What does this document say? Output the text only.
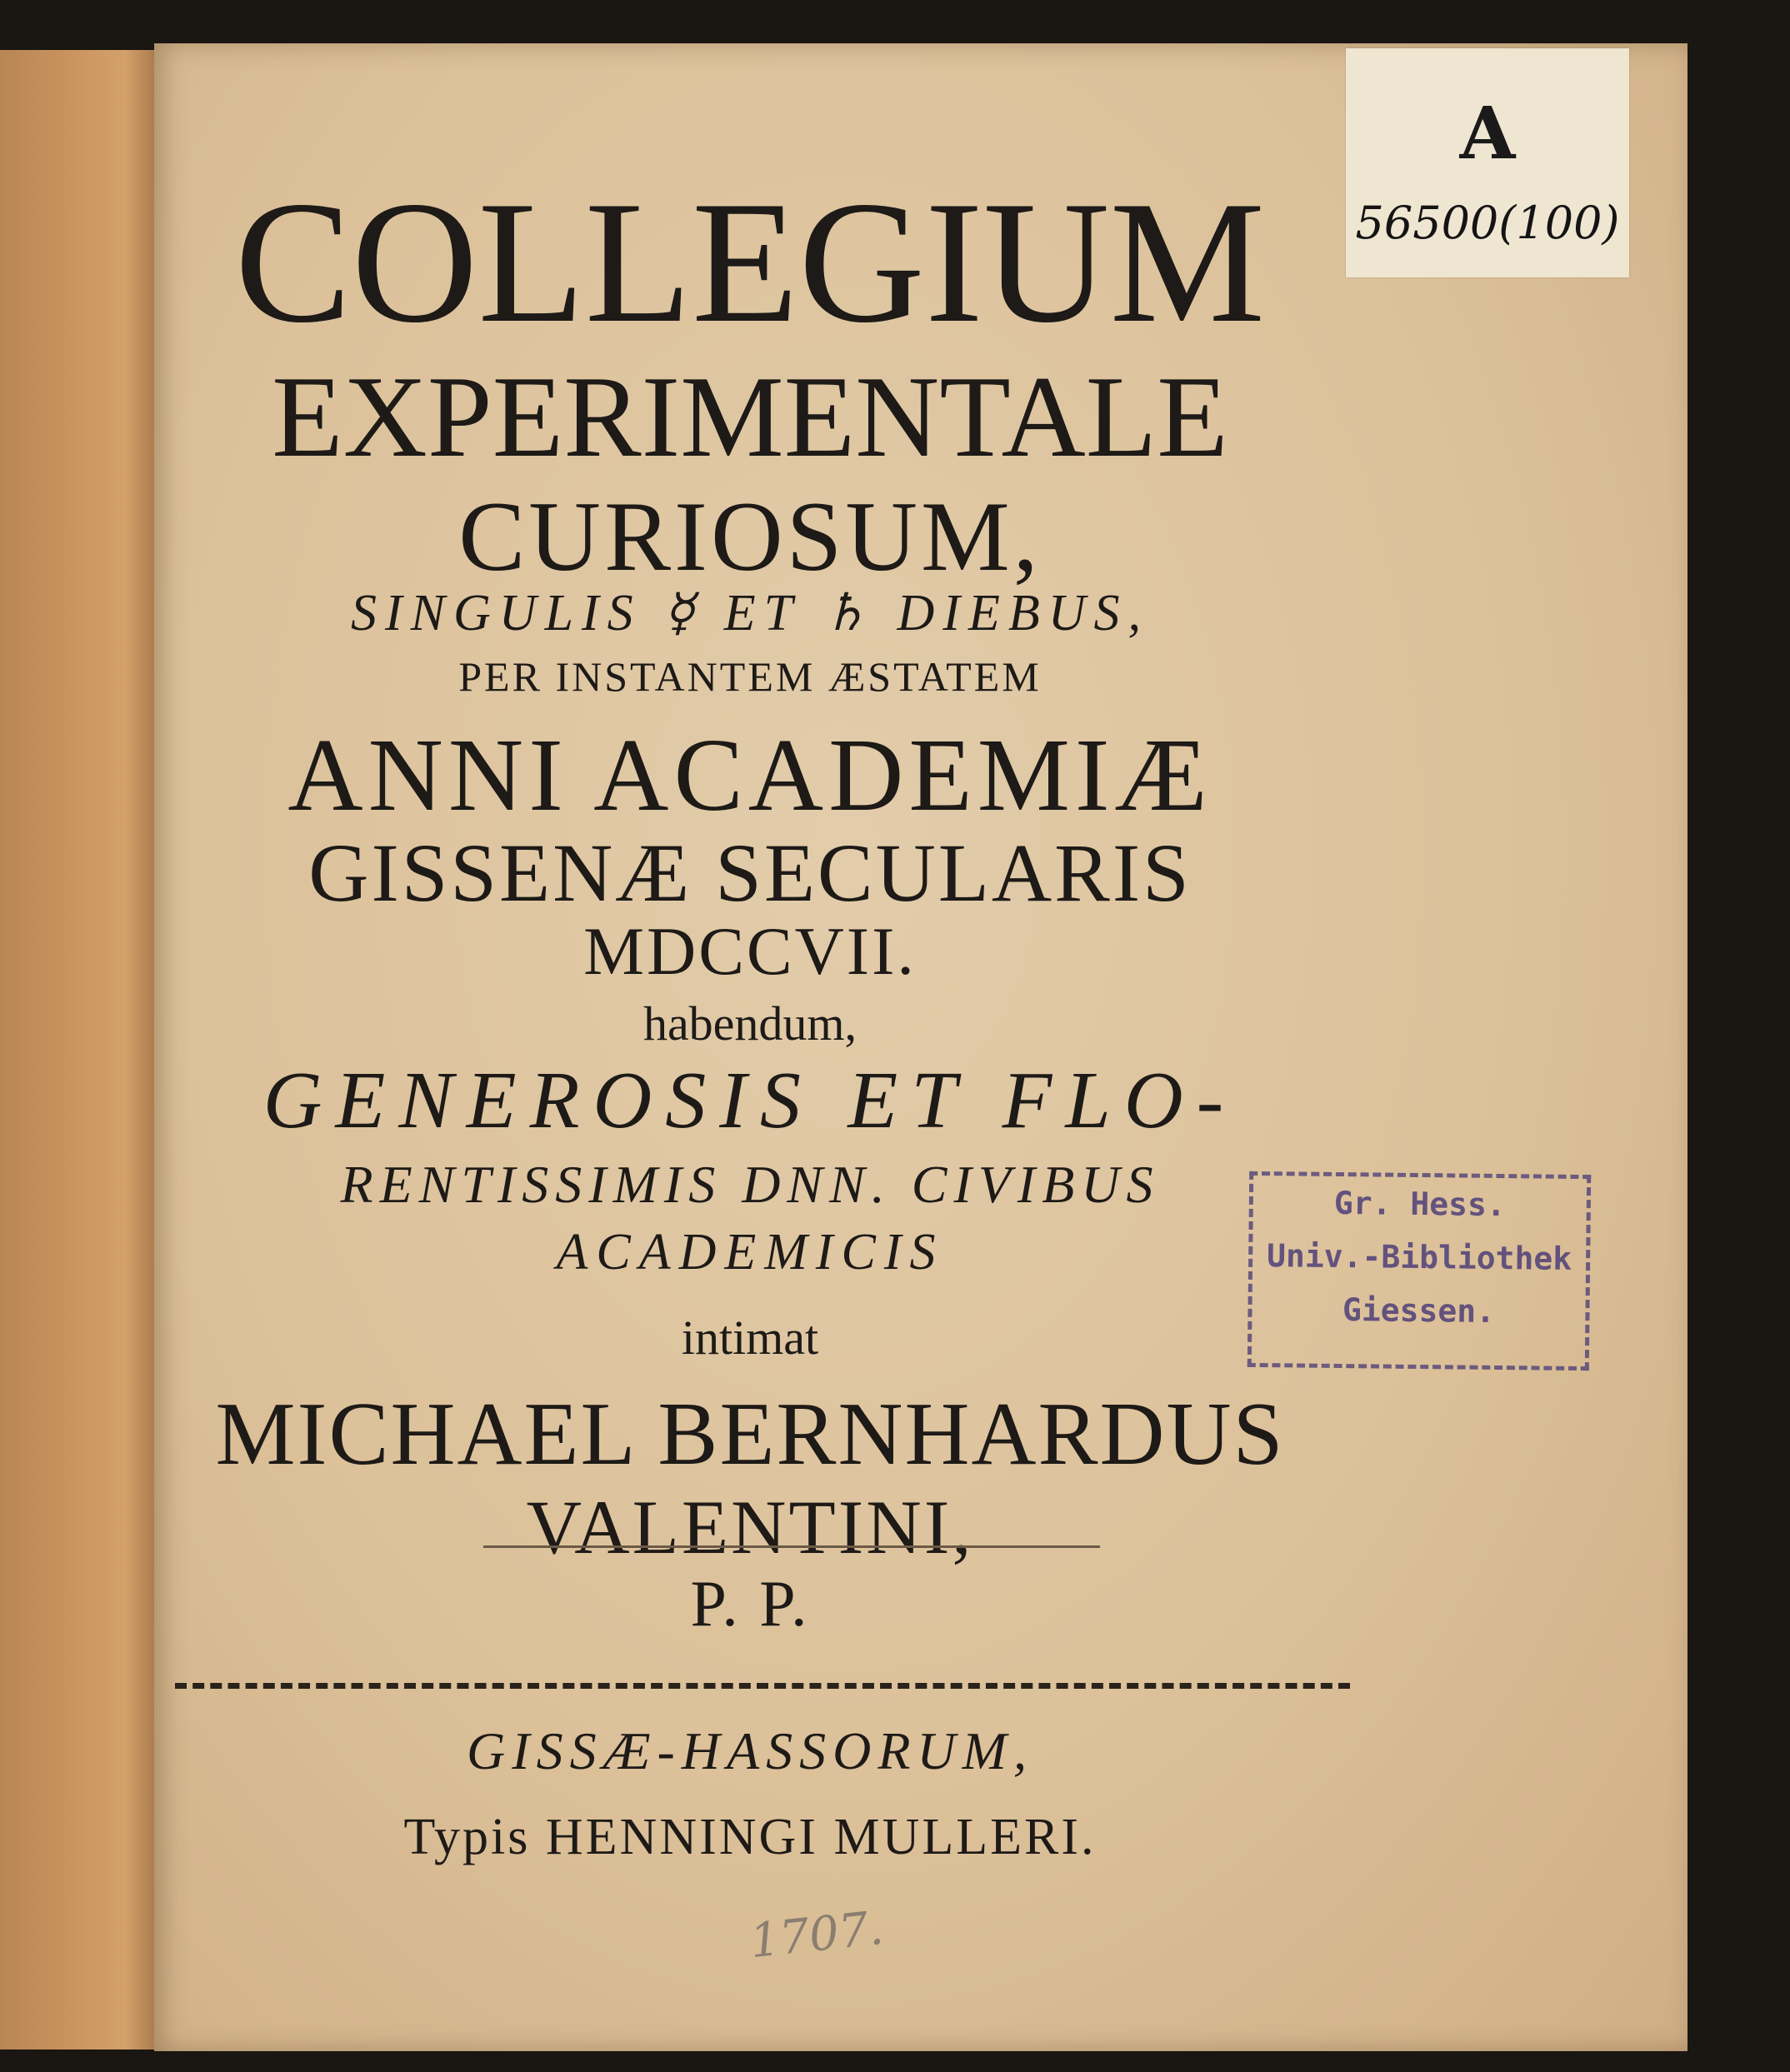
A
56500(100)
COLLEGIUM
EXPERIMENTALE
CURIOSUM,
SINGULIS ☿ ET ♄ DIEBUS,
PER INSTANTEM ÆSTATEM
ANNI ACADEMIÆ
GISSENÆ SECULARIS
MDCCVII.
habendum,
GENEROSIS ET FLO-
RENTISSIMIS DNN. CIVIBUS
ACADEMICIS
intimat
MICHAEL BERNHARDUS
VALENTINI,
P. P.
GISSÆ-HASSORUM,
Typis HENNINGI MULLERI.
Gr. Hess.
Univ.-Bibliothek
Giessen.
1707.
